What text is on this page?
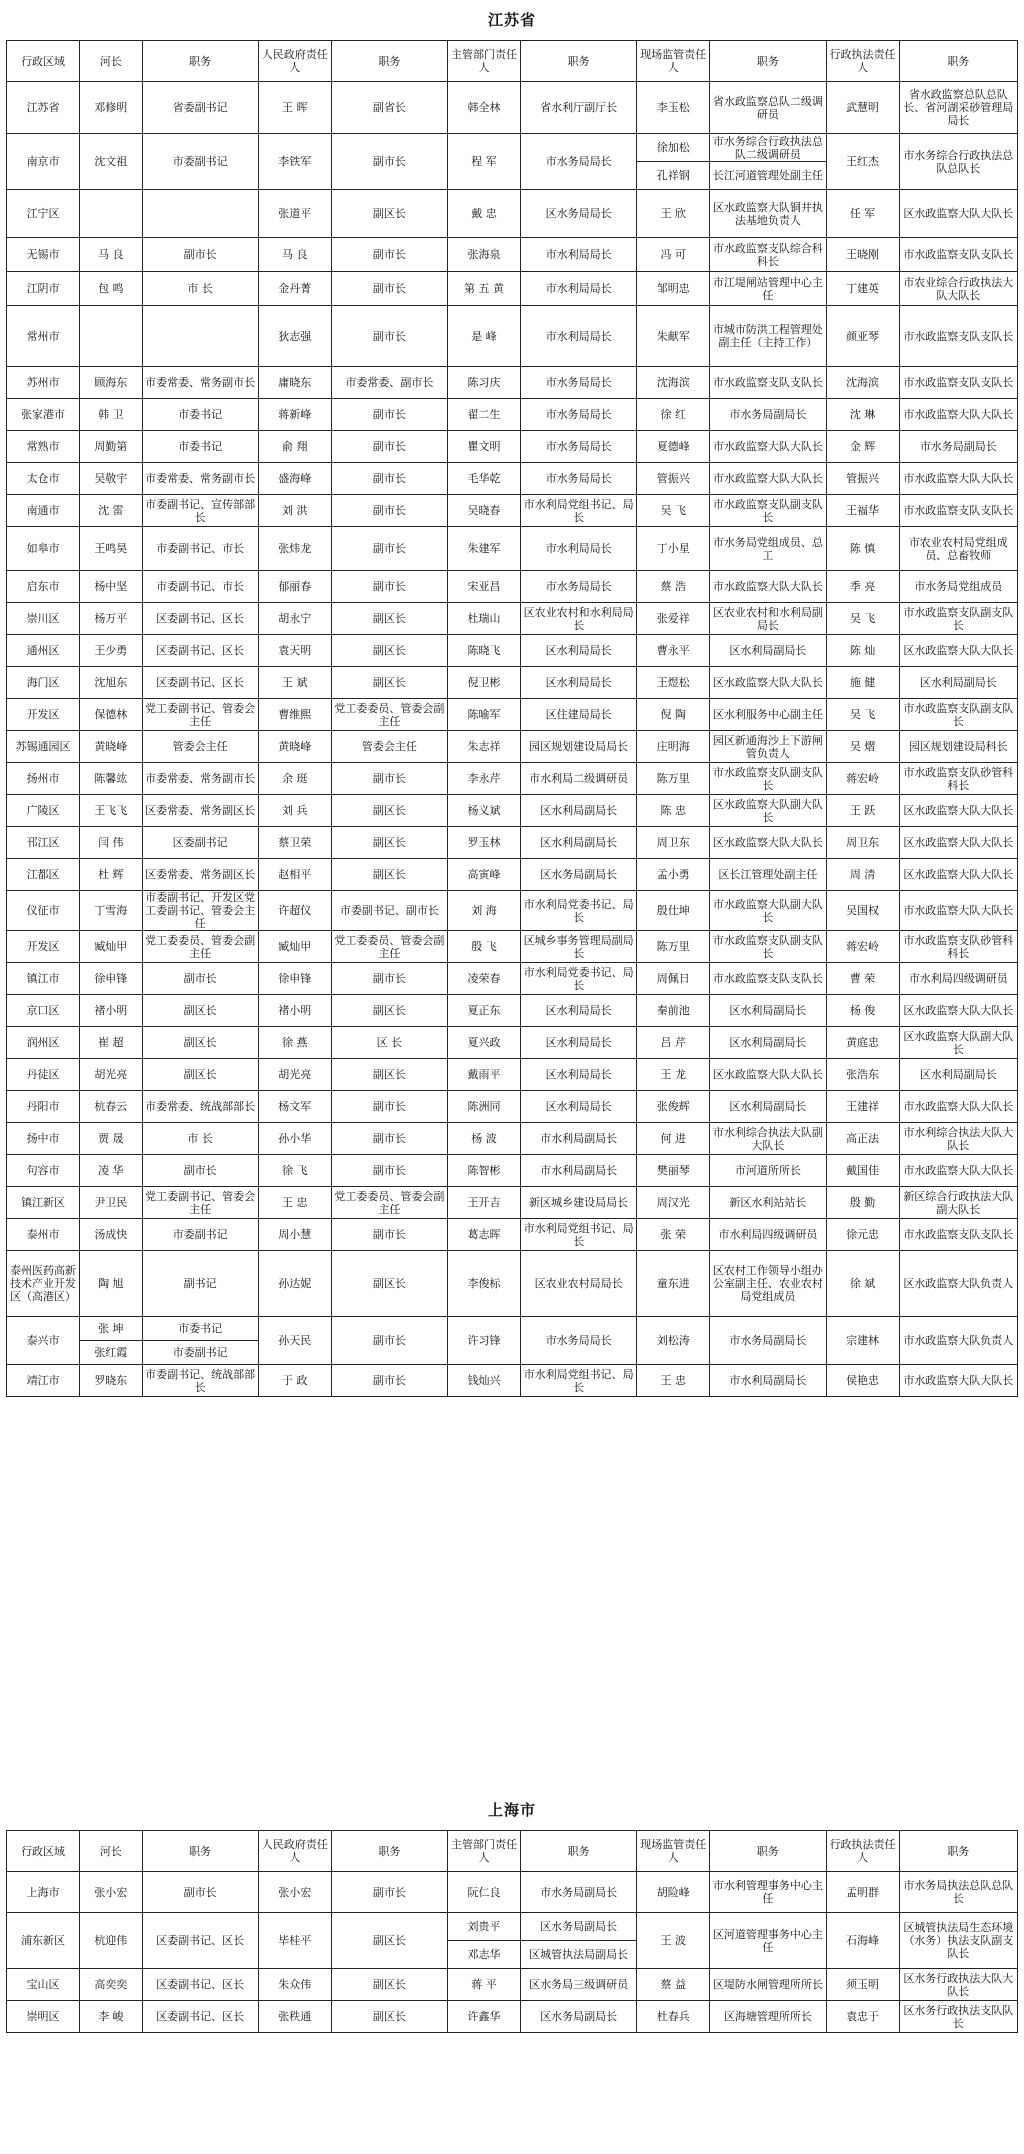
江苏省
行政区域	河长	职务	人民政府责任人	职务	主管部门责任人	职务	现场监管责任人	职务	行政执法责任人	职务
江苏省	邓修明	省委副书记	王 晖	副省长	韩全林	省水利厅副厅长	李玉松	省水政监察总队二级调研员	武慧明	省水政监察总队总队长、省河湖采砂管理局局长
南京市	沈文祖	市委副书记	李铁军	副市长	程 军	市水务局局长	徐加松	市水务综合行政执法总队二级调研员	王红杰	市水务综合行政执法总队总队长
							孔祥钢	长江河道管理处副主任		
江宁区			张道平	副区长	戴 忠	区水务局局长	王 欣	区水政监察大队铜井执法基地负责人	任 军	区水政监察大队大队长
无锡市	马 良	副市长	马 良	副市长	张海泉	市水利局局长	冯 可	市水政监察支队综合科科长	王晓刚	市水政监察支队支队长
江阴市	包 鸣	市 长	金丹菁	副市长	第 五 黄	市水利局局长	邹明忠	市江堤闸站管理中心主任	丁建英	市农业综合行政执法大队大队长
常州市			狄志强	副市长	是 峰	市水利局局长	朱献军	市城市防洪工程管理处副主任（主持工作）	颜亚琴	市水政监察支队支队长
苏州市	顾海东	市委常委、常务副市长	庸晓东	市委常委、副市长	陈习庆	市水务局局长	沈海滨	市水政监察支队支队长	沈海滨	市水政监察支队支队长
张家港市	韩 卫	市委书记	蒋新峰	副市长	翟二生	市水务局局长	徐 红	市水务局副局长	沈 琳	市水政监察大队大队长
常熟市	周勤第	市委书记	俞 翔	副市长	瞿文明	市水务局局长	夏德峰	市水政监察大队大队长	金 辉	市水务局副局长
太仓市	吴敬宇	市委常委、常务副市长	盛海峰	副市长	毛华乾	市水务局局长	管振兴	市水政监察大队大队长	管振兴	市水政监察大队大队长
南通市	沈 雷	市委副书记、宣传部部长	刘 洪	副市长	吴晓春	市水利局党组书记、局长	吴 飞	市水政监察支队副支队长	王福华	市水政监察支队支队长
如皋市	王鸣昊	市委副书记、市长	张炜龙	副市长	朱建军	市水利局局长	丁小星	市水务局党组成员、总工	陈 慎	市农业农村局党组成员、总畜牧师
启东市	杨中坚	市委副书记、市长	郁丽春	副市长	宋亚昌	市水务局局长	蔡 浩	市水政监察大队大队长	季 亮	市水务局党组成员
崇川区	杨万平	区委副书记、区长	胡永宁	副区长	杜瑞山	区农业农村和水利局局长	张爱祥	区农业农村和水利局副局长	吴 飞	市水政监察支队副支队长
通州区	王少勇	区委副书记、区长	袁天明	副区长	陈晓飞	区水利局局长	曹永平	区水利局副局长	陈 灿	区水政监察大队大队长
海门区	沈旭东	区委副书记、区长	王 斌	副区长	倪卫彬	区水利局局长	王煜松	区水政监察大队大队长	施 健	区水利局副局长
开发区	保德林	党工委副书记、管委会主任	曹维熙	党工委委员、管委会副主任	陈喻军	区住建局局长	倪 陶	区水利服务中心副主任	吴 飞	市水政监察支队副支队长
苏锡通园区	黄晓峰	管委会主任	黄晓峰	管委会主任	朱志祥	园区规划建设局局长	庄明海	园区新通海沙上下游闸管负责人	吴 熠	园区规划建设局科长
扬州市	陈馨竑	市委常委、常务副市长	余 珽	副市长	李永芹	市水利局二级调研员	陈万里	市水政监察支队副支队长	蒋宏岭	市水政监察支队砂管科科长
广陵区	王飞飞	区委常委、常务副区长	刘 兵	副区长	杨义斌	区水利局副局长	陈 忠	区水政监察大队副大队长	王 跃	区水政监察大队大队长
邗江区	闫 伟	区委副书记	蔡卫荣	副区长	罗玉林	区水利局副局长	周卫东	区水政监察大队大队长	周卫东	区水政监察大队大队长
江都区	杜 辉	区委常委、常务副区长	赵相平	副区长	高寅峰	区水务局副局长	孟小勇	区长江管理处副主任	周 清	区水政监察大队大队长
仪征市	丁雪海	市委副书记、开发区党工委副书记、管委会主任	许超仪	市委副书记、副市长	刘 海	市水利局党委书记、局长	殷仕坤	市水政监察大队副大队长	吴国权	市水政监察大队大队长
开发区	臧灿甲	党工委委员、管委会副主任	臧灿甲	党工委委员、管委会副主任	殷 飞	区城乡事务管理局副局长	陈万里	市水政监察支队副支队长	蒋宏岭	市水政监察支队砂管科科长
镇江市	徐申锋	副市长	徐申锋	副市长	凌荣春	市水利局党委书记、局长	周佩日	市水政监察支队支队长	曹 荣	市水利局四级调研员
京口区	褚小明	副区长	褚小明	副区长	夏正东	区水利局局长	秦前池	区水利局副局长	杨 俊	区水政监察大队大队长
润州区	崔 超	副区长	徐 燕	区 长	夏兴政	区水利局局长	吕 芹	区水利局副局长	黄庭忠	区水政监察大队副大队长
丹徒区	胡光亮	副区长	胡光亮	副区长	戴雨平	区水利局局长	王 龙	区水政监察大队大队长	张浩东	区水利局副局长
丹阳市	杭春云	市委常委、统战部部长	杨文军	副市长	陈洲同	区水利局局长	张俊辉	区水利局副局长	王建祥	市水政监察大队大队长
扬中市	贾 晟	市 长	孙小华	副市长	杨 波	市水利局副局长	何 进	市水利综合执法大队副大队长	高正法	市水利综合执法大队大队长
句容市	凌 华	副市长	徐 飞	副市长	陈智彬	市水利局副局长	樊丽琴	市河道所所长	戴国佳	市水政监察大队大队长
镇江新区	尹卫民	党工委副书记、管委会主任	王 忠	党工委委员、管委会副主任	王开吉	新区城乡建设局局长	周汉光	新区水利站站长	殷 勤	新区综合行政执法大队副大队长
泰州市	汤成快	市委副书记	周小慧	副市长	葛志晖	市水利局党组书记、局长	张 荣	市水利局四级调研员	徐元忠	市水政监察支队支队长
泰州医药高新技术产业开发区（高港区）	陶 旭	副书记	孙达妮	副区长	李俊标	区农业农村局局长	童东进	区农村工作领导小组办公室副主任、农业农村局党组成员	徐 斌	区水政监察大队负责人
泰兴市	张 坤	市委书记	孙天民	副市长	许习锋	市水务局局长	刘松涛	市水务局副局长	宗建林	市水政监察大队负责人
	张红霞	市委副书记								
靖江市	罗晓东	市委副书记、统战部部长	于 政	副市长	钱灿兴	市水利局党组书记、局长	王 忠	市水利局副局长	侯艳忠	市水政监察大队大队长
上海市
行政区域	河长	职务	人民政府责任人	职务	主管部门责任人	职务	现场监管责任人	职务	行政执法责任人	职务
上海市	张小宏	副市长	张小宏	副市长	阮仁良	市水务局副局长	胡险峰	市水利管理事务中心主任	孟明群	市水务局执法总队总队长
浦东新区	杭迎伟	区委副书记、区长	毕桂平	副区长	刘贵平	区水务局副局长	王 波	区河道管理事务中心主任	石海峰	区城管执法局生态环境（水务）执法支队副支队长
					邓志华	区城管执法局副局长				
宝山区	高奕奕	区委副书记、区长	朱众伟	副区长	蒋 平	区水务局三级调研员	蔡 益	区堤防水闸管理所所长	须玉明	区水务行政执法大队大队长
崇明区	李 峻	区委副书记、区长	张秩通	副区长	许鑫华	区水务局副局长	杜春兵	区海塘管理所所长	袁忠于	区水务行政执法支队队长
